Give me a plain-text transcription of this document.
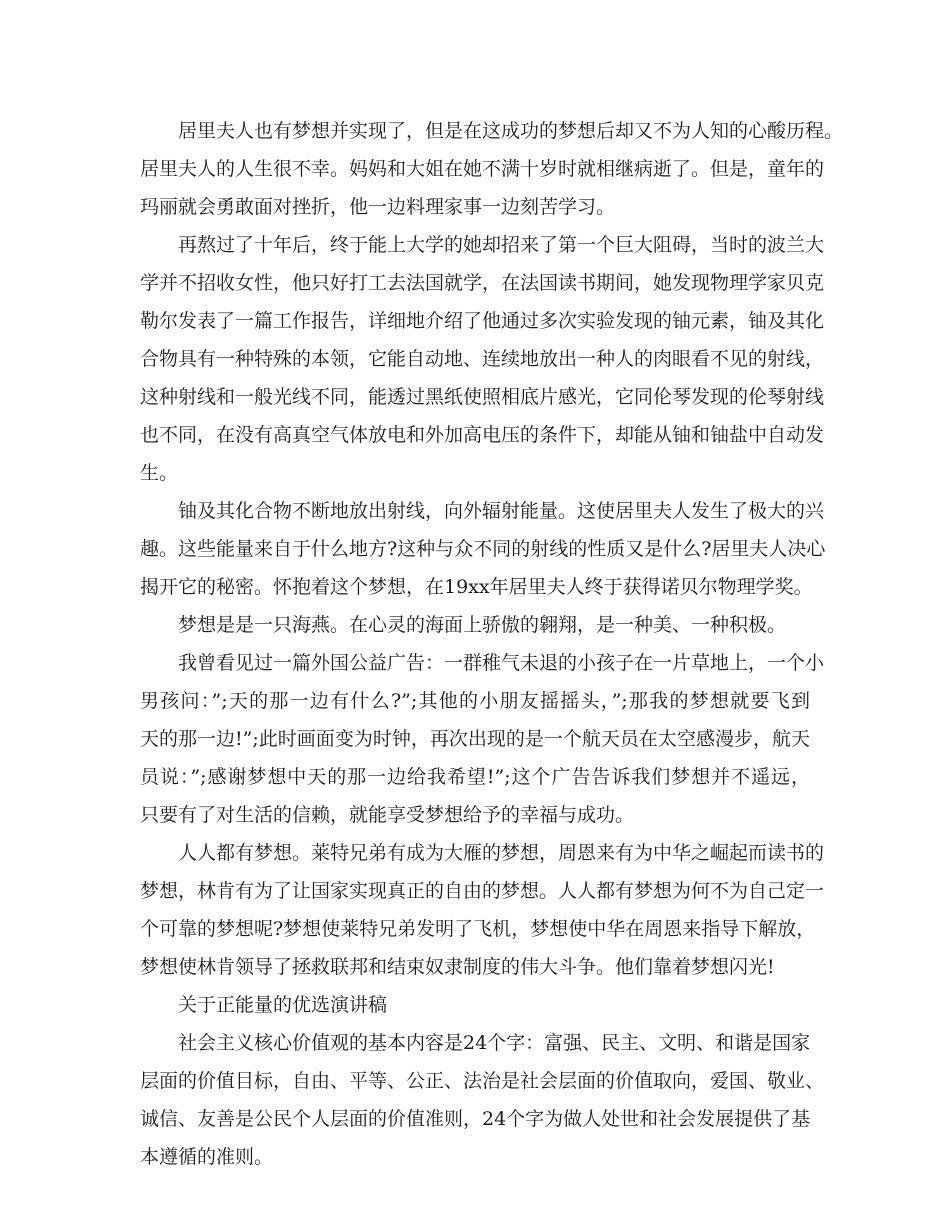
居里夫人也有梦想并实现了，但是在这成功的梦想后却又不为人知的心酸历程。
居里夫人的人生很不幸。妈妈和大姐在她不满十岁时就相继病逝了。但是，童年的
玛丽就会勇敢面对挫折，他一边料理家事一边刻苦学习。
再熬过了十年后，终于能上大学的她却招来了第一个巨大阻碍，当时的波兰大
学并不招收女性，他只好打工去法国就学，在法国读书期间，她发现物理学家贝克
勒尔发表了一篇工作报告，详细地介绍了他通过多次实验发现的铀元素，铀及其化
合物具有一种特殊的本领，它能自动地、连续地放出一种人的肉眼看不见的射线，
这种射线和一般光线不同，能透过黑纸使照相底片感光，它同伦琴发现的伦琴射线
也不同，在没有高真空气体放电和外加高电压的条件下，却能从铀和铀盐中自动发
生。
铀及其化合物不断地放出射线，向外辐射能量。这使居里夫人发生了极大的兴
趣。这些能量来自于什么地方?这种与众不同的射线的性质又是什么?居里夫人决心
揭开它的秘密。怀抱着这个梦想，在19xx年居里夫人终于获得诺贝尔物理学奖。
梦想是是一只海燕。在心灵的海面上骄傲的翱翔，是一种美、一种积极。
我曾看见过一篇外国公益广告：一群稚气未退的小孩子在一片草地上，一个小
男孩问：”;天的那一边有什么?”;其他的小朋友摇摇头，”;那我的梦想就要飞到
天的那一边!”;此时画面变为时钟，再次出现的是一个航天员在太空感漫步，航天
员说：”;感谢梦想中天的那一边给我希望!”;这个广告告诉我们梦想并不遥远，
只要有了对生活的信赖，就能享受梦想给予的幸福与成功。
人人都有梦想。莱特兄弟有成为大雁的梦想，周恩来有为中华之崛起而读书的
梦想，林肯有为了让国家实现真正的自由的梦想。人人都有梦想为何不为自己定一
个可靠的梦想呢?梦想使莱特兄弟发明了飞机，梦想使中华在周恩来指导下解放，
梦想使林肯领导了拯救联邦和结束奴隶制度的伟大斗争。他们靠着梦想闪光!
关于正能量的优选演讲稿
社会主义核心价值观的基本内容是24个字：富强、民主、文明、和谐是国家
层面的价值目标，自由、平等、公正、法治是社会层面的价值取向，爱国、敬业、
诚信、友善是公民个人层面的价值准则，24个字为做人处世和社会发展提供了基
本遵循的准则。
